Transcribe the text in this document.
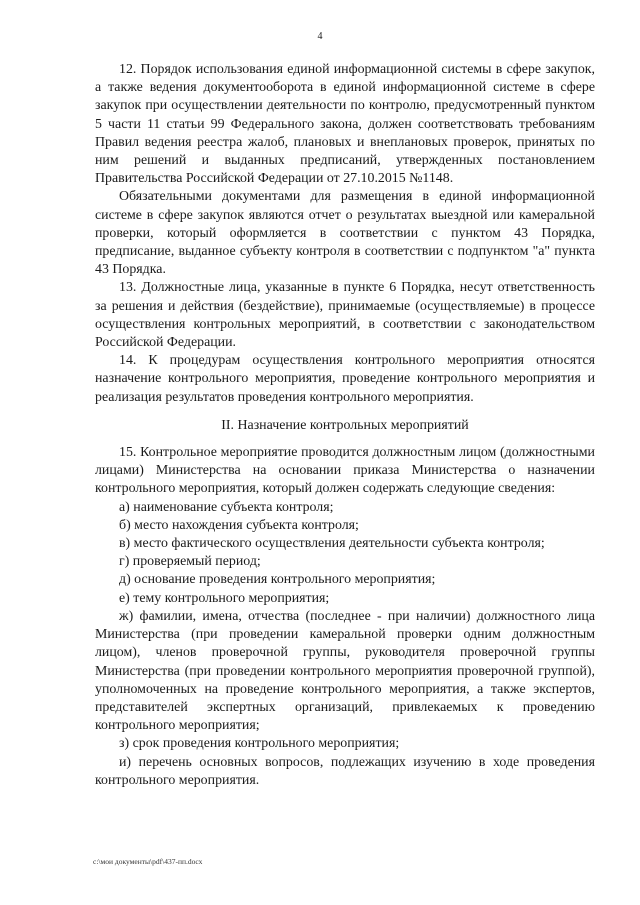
4

12. Порядок использования единой информационной системы в сфере закупок, а также ведения документооборота в единой информационной системе в сфере закупок при осуществлении деятельности по контролю, предусмотренный пунктом 5 части 11 статьи 99 Федерального закона, должен соответствовать требованиям Правил ведения реестра жалоб, плановых и внеплановых проверок, принятых по ним решений и выданных предписаний, утвержденных постановлением Правительства Российской Федерации от 27.10.2015 №1148.

Обязательными документами для размещения в единой информационной системе в сфере закупок являются отчет о результатах выездной или камеральной проверки, который оформляется в соответствии с пунктом 43 Порядка, предписание, выданное субъекту контроля в соответствии с подпунктом "а" пункта 43 Порядка.

13. Должностные лица, указанные в пункте 6 Порядка, несут ответственность за решения и действия (бездействие), принимаемые (осуществляемые) в процессе осуществления контрольных мероприятий, в соответствии с законодательством Российской Федерации.

14. К процедурам осуществления контрольного мероприятия относятся назначение контрольного мероприятия, проведение контрольного мероприятия и реализация результатов проведения контрольного мероприятия.

II. Назначение контрольных мероприятий

15. Контрольное мероприятие проводится должностным лицом (должностными лицами) Министерства на основании приказа Министерства о назначении контрольного мероприятия, который должен содержать следующие сведения:

а) наименование субъекта контроля;

б) место нахождения субъекта контроля;

в) место фактического осуществления деятельности субъекта контроля;

г) проверяемый период;

д) основание проведения контрольного мероприятия;

е) тему контрольного мероприятия;

ж) фамилии, имена, отчества (последнее - при наличии) должностного лица Министерства (при проведении камеральной проверки одним должностным лицом), членов проверочной группы, руководителя проверочной группы Министерства (при проведении контрольного мероприятия проверочной группой), уполномоченных на проведение контрольного мероприятия, а также экспертов, представителей экспертных организаций, привлекаемых к проведению контрольного мероприятия;

з) срок проведения контрольного мероприятия;

и) перечень основных вопросов, подлежащих изучению в ходе проведения контрольного мероприятия.

c:\мои документы\pdf\437-пп.docx
